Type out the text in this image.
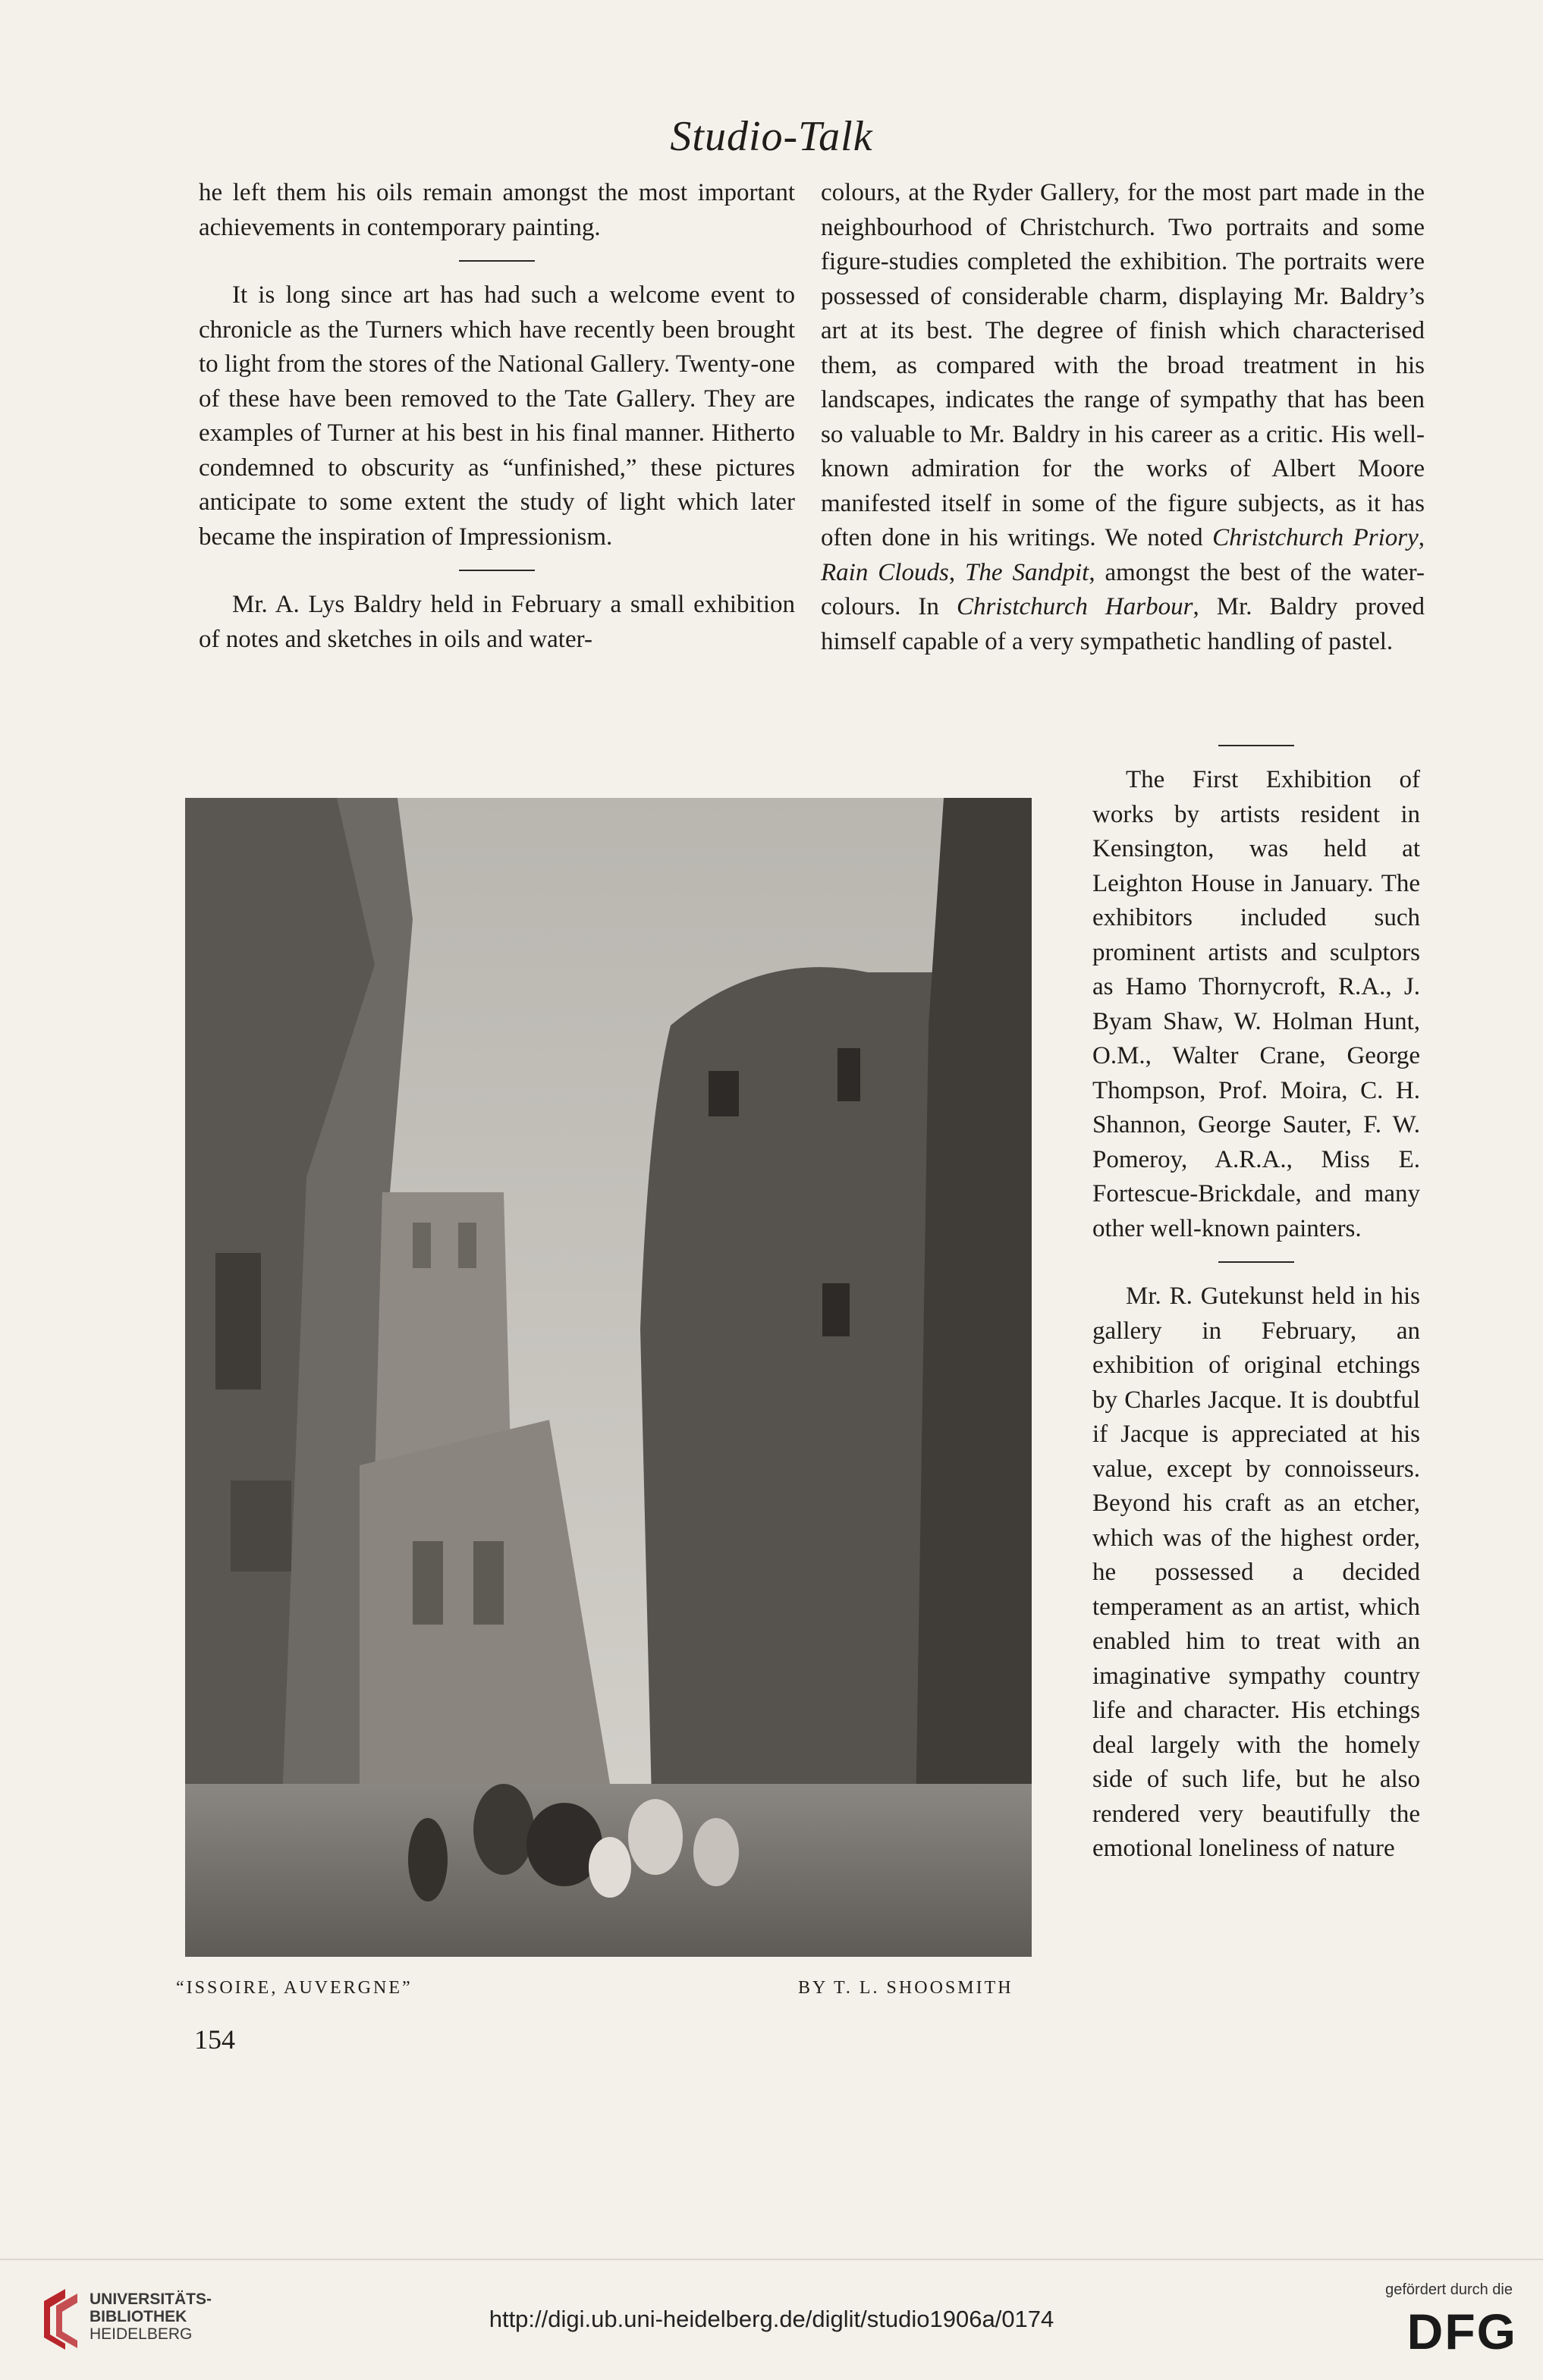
Studio-Talk

he left them his oils remain amongst the most important achievements in contemporary painting.

It is long since art has had such a welcome event to chronicle as the Turners which have recently been brought to light from the stores of the National Gallery. Twenty-one of these have been removed to the Tate Gallery. They are examples of Turner at his best in his final manner. Hitherto condemned to obscurity as “unfinished,” these pictures anticipate to some extent the study of light which later became the inspiration of Impressionism.

Mr. A. Lys Baldry held in February a small exhibition of notes and sketches in oils and water-

colours, at the Ryder Gallery, for the most part made in the neighbourhood of Christchurch. Two portraits and some figure-studies completed the exhibition. The portraits were possessed of considerable charm, displaying Mr. Baldry’s art at its best. The degree of finish which characterised them, as compared with the broad treatment in his landscapes, indicates the range of sympathy that has been so valuable to Mr. Baldry in his career as a critic. His well-known admiration for the works of Albert Moore manifested itself in some of the figure subjects, as it has often done in his writings. We noted Christchurch Priory, Rain Clouds, The Sandpit, amongst the best of the water-colours. In Christchurch Harbour, Mr. Baldry proved himself capable of a very sympathetic handling of pastel.

The First Exhibition of works by artists resident in Kensington, was held at Leighton House in January. The exhibitors included such prominent artists and sculptors as Hamo Thornycroft, R.A., J. Byam Shaw, W. Holman Hunt, O.M., Walter Crane, George Thompson, Prof. Moira, C. H. Shannon, George Sauter, F. W. Pomeroy, A.R.A., Miss E. Fortescue-Brickdale, and many other well-known painters.

Mr. R. Gutekunst held in his gallery in February, an exhibition of original etchings by Charles Jacque. It is doubtful if Jacque is appreciated at his value, except by connoisseurs. Beyond his craft as an etcher, which was of the highest order, he possessed a decided temperament as an artist, which enabled him to treat with an imaginative sympathy country life and character. His etchings deal largely with the homely side of such life, but he also rendered very beautifully the emotional loneliness of nature

“ISSOIRE, AUVERGNE”	BY T. L. SHOOSMITH
154
UNIVERSITÄTS-
BIBLIOTHEK
HEIDELBERG
http://digi.ub.uni-heidelberg.de/diglit/studio1906a/0174
gefördert durch die
DFG
